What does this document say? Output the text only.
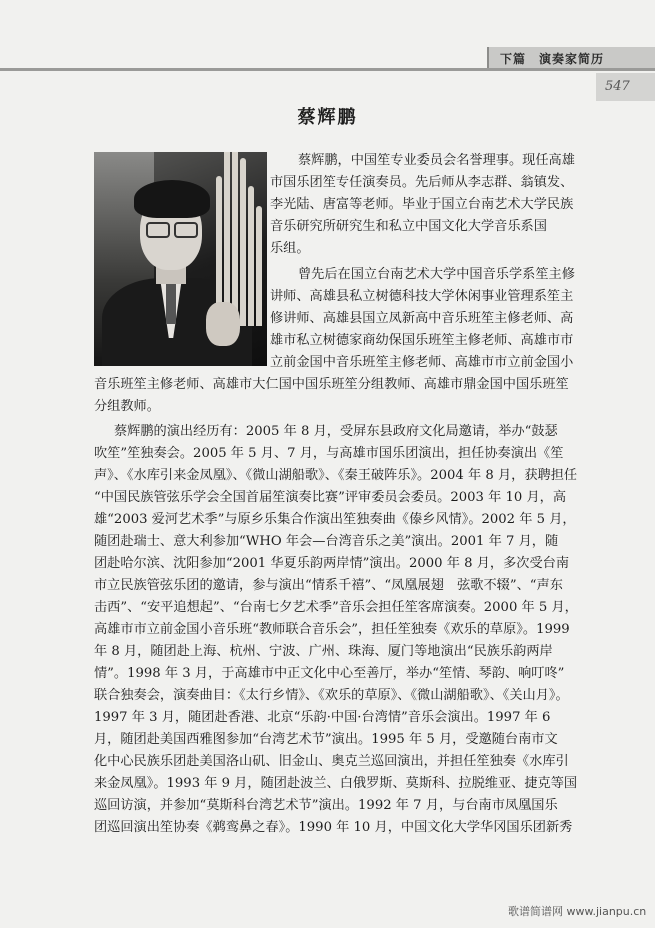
下篇　演奏家简历
547
蔡辉鹏
蔡辉鹏，中国笙专业委员会名誉理事。现任高雄
市国乐团笙专任演奏员。先后师从李志群、翁镇发、
李光陆、唐富等老师。毕业于国立台南艺术大学民族
音乐研究所研究生和私立中国文化大学音乐系国
乐组。
曾先后在国立台南艺术大学中国音乐学系笙主修
讲师、高雄县私立树德科技大学休闲事业管理系笙主
修讲师、高雄县国立凤新高中音乐班笙主修老师、高
雄市私立树德家商幼保国乐班笙主修老师、高雄市市
立前金国中音乐班笙主修老师、高雄市市立前金国小
音乐班笙主修老师、高雄市大仁国中国乐班笙分组教师、高雄市鼎金国中国乐班笙
分组教师。
蔡辉鹏的演出经历有：2005 年 8 月，受屏东县政府文化局邀请，举办“鼓瑟
吹笙”笙独奏会。2005 年 5 月、7 月，与高雄市国乐团演出，担任协奏演出《笙
声》、《水库引来金凤凰》、《微山湖船歌》、《秦王破阵乐》。2004 年 8 月，获聘担任
“中国民族管弦乐学会全国首届笙演奏比赛”评审委员会委员。2003 年 10 月，高
雄“2003 爱河艺术季”与原乡乐集合作演出笙独奏曲《傣乡风情》。2002 年 5 月，
随团赴瑞士、意大利参加“WHO 年会—台湾音乐之美”演出。2001 年 7 月，随
团赴哈尔滨、沈阳参加“2001 华夏乐韵两岸情”演出。2000 年 8 月，多次受台南
市立民族管弦乐团的邀请，参与演出“情系千禧”、“凤凰展翅　弦歌不辍”、“声东
击西”、“安平追想起”、“台南七夕艺术季”音乐会担任笙客席演奏。2000 年 5 月，
高雄市市立前金国小音乐班“教师联合音乐会”，担任笙独奏《欢乐的草原》。1999
年 8 月，随团赴上海、杭州、宁波、广州、珠海、厦门等地演出“民族乐韵两岸
情”。1998 年 3 月，于高雄市中正文化中心至善厅，举办“笙情、琴韵、响叮咚”
联合独奏会，演奏曲目：《太行乡情》、《欢乐的草原》、《微山湖船歌》、《关山月》。
1997 年 3 月，随团赴香港、北京“乐韵·中国·台湾情”音乐会演出。1997 年 6
月，随团赴美国西雅图参加“台湾艺术节”演出。1995 年 5 月，受邀随台南市文
化中心民族乐团赴美国洛山矶、旧金山、奥克兰巡回演出，并担任笙独奏《水库引
来金凤凰》。1993 年 9 月，随团赴波兰、白俄罗斯、莫斯科、拉脱维亚、捷克等国
巡回访演，并参加“莫斯科台湾艺术节”演出。1992 年 7 月，与台南市凤凰国乐
团巡回演出笙协奏《鹈鸾鼻之春》。1990 年 10 月，中国文化大学华冈国乐团新秀
歌谱简谱网 www.jianpu.cn
